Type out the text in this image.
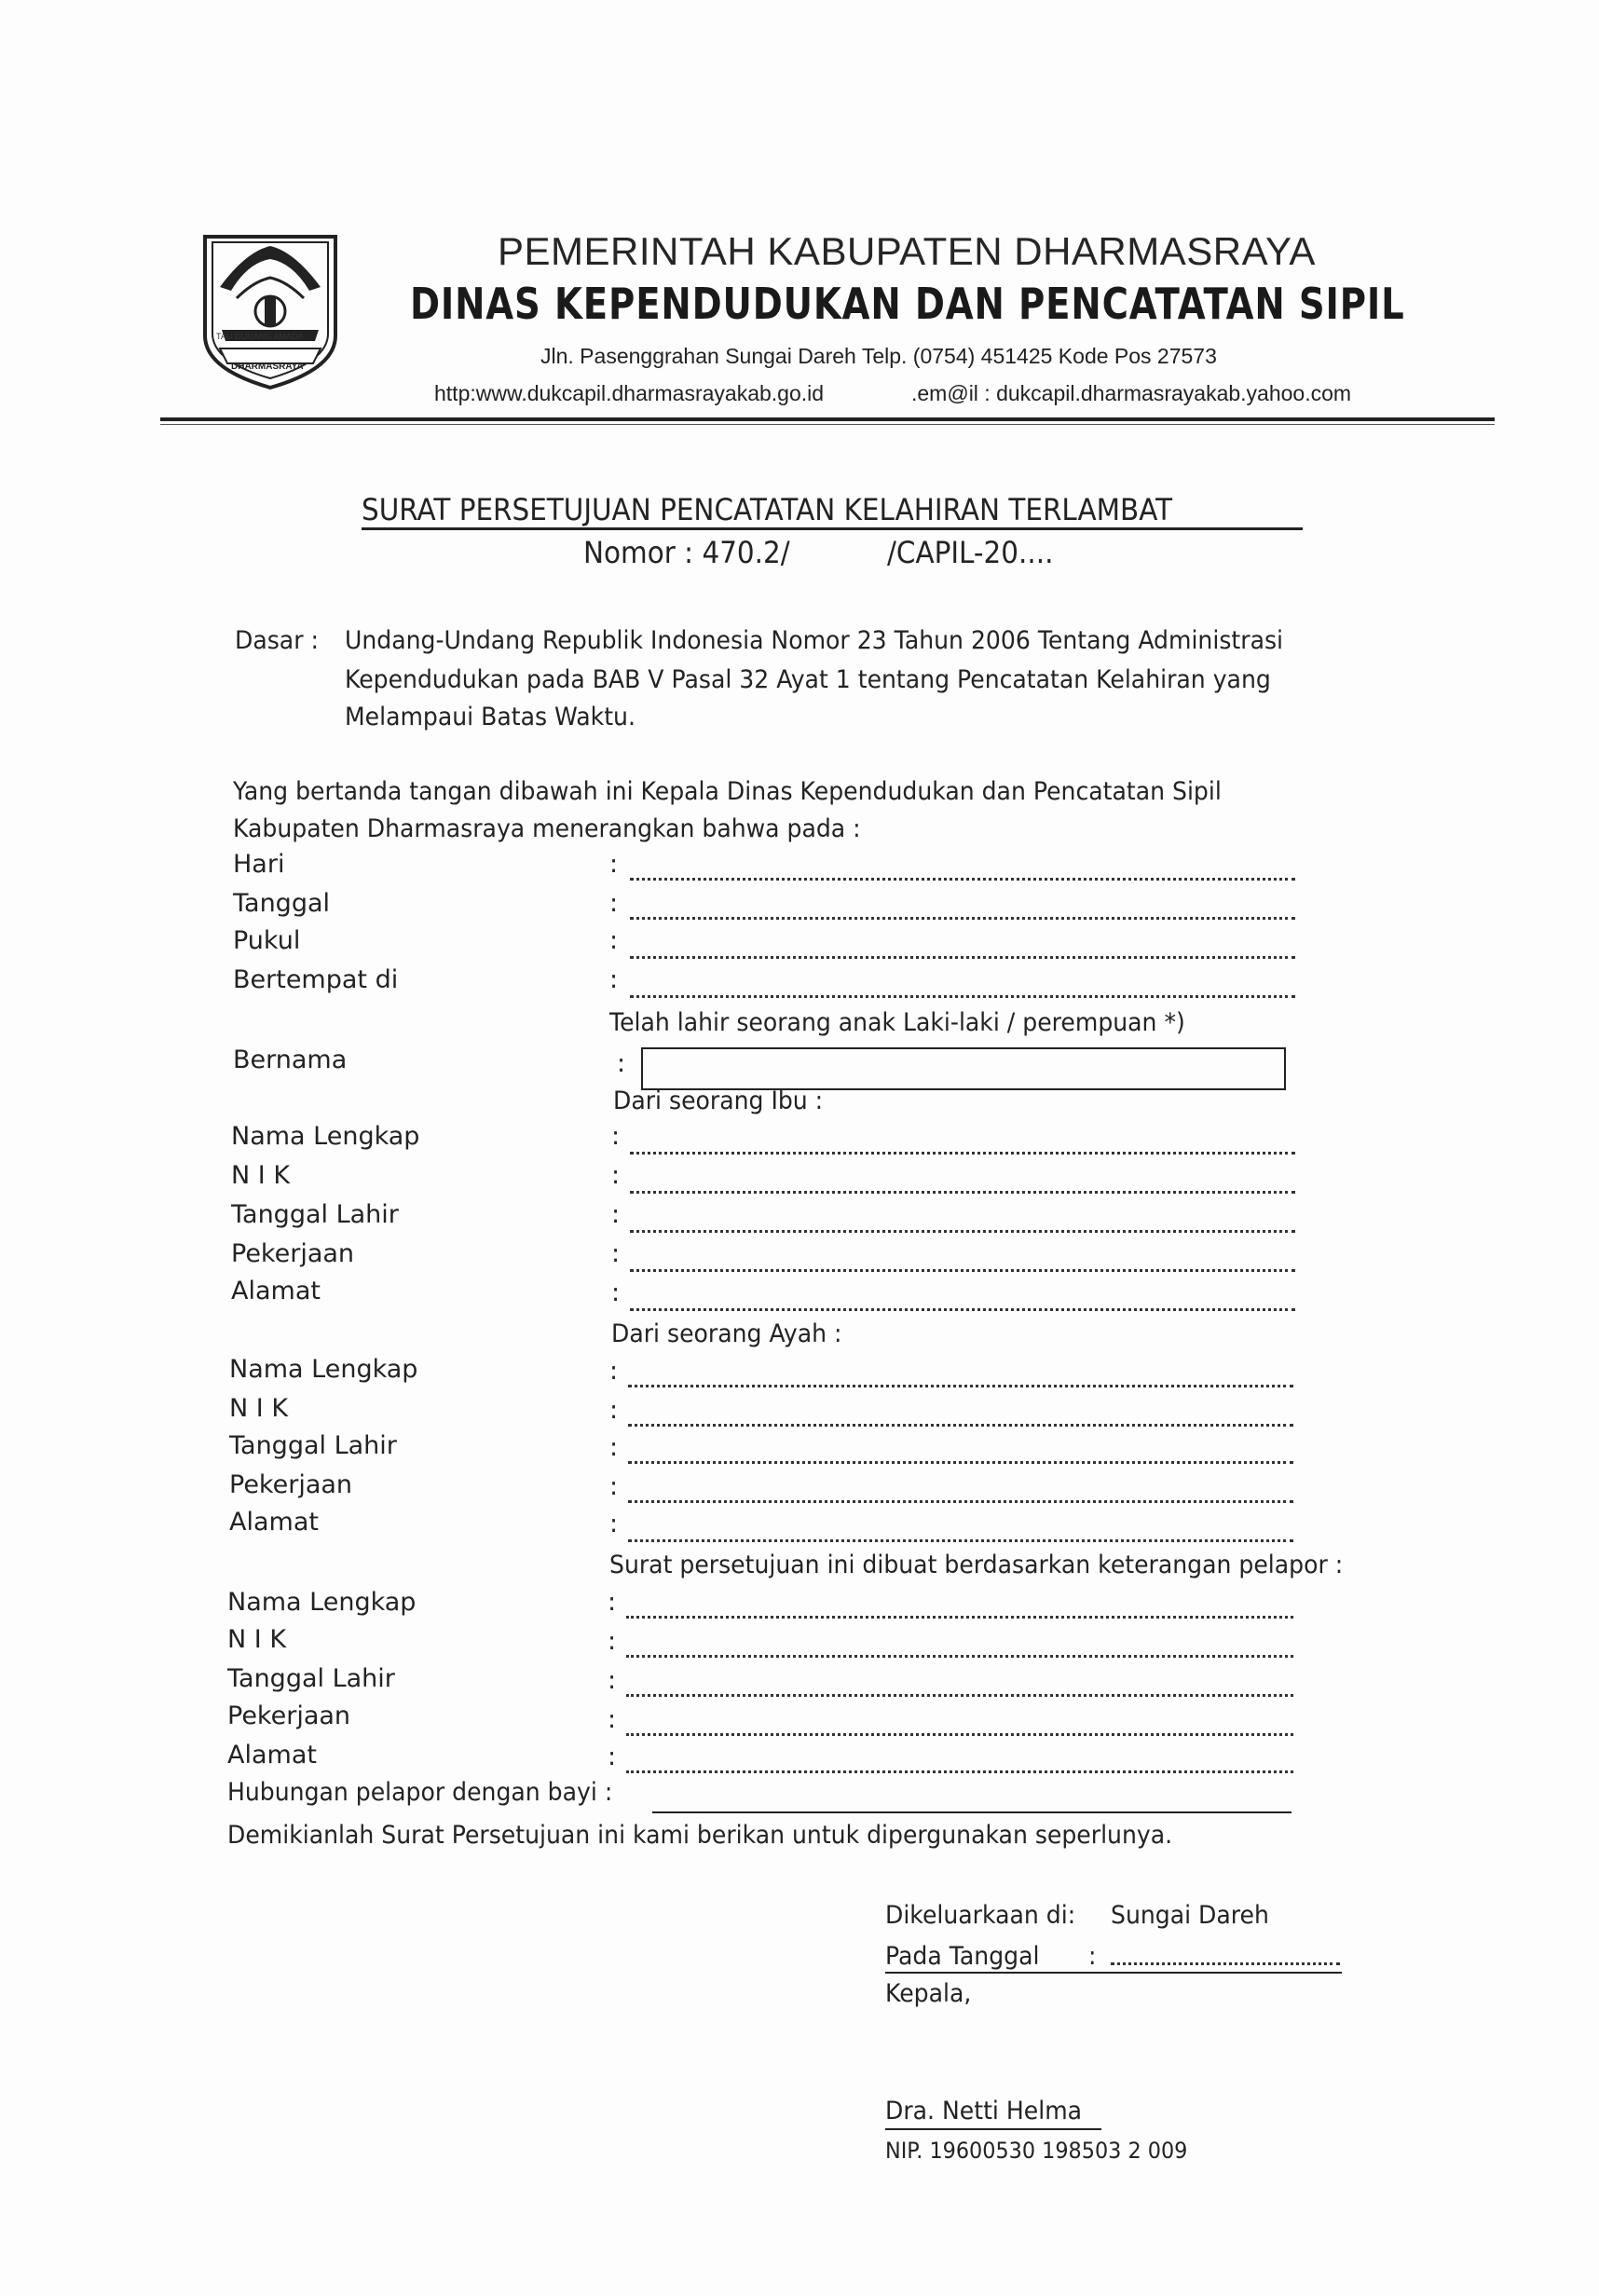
TAU DIJUANG AMADA
DHARMASRAYA
PEMERINTAH KABUPATEN DHARMASRAYA
DINAS KEPENDUDUKAN DAN PENCATATAN SIPIL
Jln. Pasenggrahan Sungai Dareh Telp. (0754) 451425 Kode Pos 27573
http:www.dukcapil.dharmasrayakab.go.id	.em@il : dukcapil.dharmasrayakab.yahoo.com
SURAT PERSETUJUAN PENCATATAN KELAHIRAN TERLAMBAT
Nomor : 470.2/	/CAPIL-20....
Dasar : Undang-Undang Republik Indonesia Nomor 23 Tahun 2006 Tentang Administrasi
Kependudukan pada BAB V Pasal 32 Ayat 1 tentang Pencatatan Kelahiran yang
Melampaui Batas Waktu.
Yang bertanda tangan dibawah ini Kepala Dinas Kependudukan dan Pencatatan Sipil
Kabupaten Dharmasraya menerangkan bahwa pada :
Hari	:
Tanggal	:
Pukul	:
Bertempat di	:
Telah lahir seorang anak Laki-laki / perempuan *)
Bernama	:
Dari seorang Ibu :
Nama Lengkap	:
N I K	:
Tanggal Lahir	:
Pekerjaan	:
Alamat	:
Dari seorang Ayah :
Nama Lengkap	:
N I K	:
Tanggal Lahir	:
Pekerjaan	:
Alamat	:
Surat persetujuan ini dibuat berdasarkan keterangan pelapor :
Nama Lengkap	:
N I K	:
Tanggal Lahir	:
Pekerjaan	:
Alamat	:
Hubungan pelapor dengan bayi :
Demikianlah Surat Persetujuan ini kami berikan untuk dipergunakan seperlunya.
Dikeluarkaan di: Sungai Dareh
Pada Tanggal :
Kepala,
Dra. Netti Helma
NIP. 19600530 198503 2 009
